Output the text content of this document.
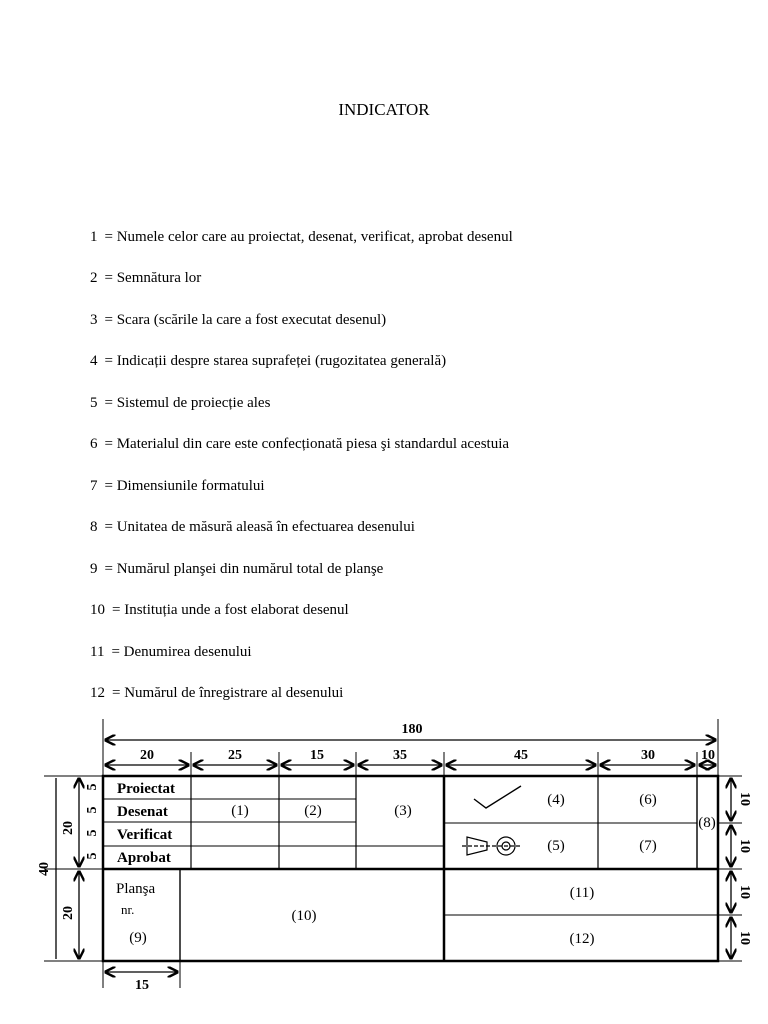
INDICATOR
1 = Numele celor care au proiectat, desenat, verificat, aprobat desenul
2 = Semnătura lor
3 = Scara (scările la care a fost executat desenul)
4 = Indicații despre starea suprafeței (rugozitatea generală)
5 = Sistemul de proiecție ales
6 = Materialul din care este confecționată piesa şi standardul acestuia
7 = Dimensiunile formatului
8 = Unitatea de măsură aleasă în efectuarea desenului
9 = Numărul planşei din numărul total de planşe
10 = Instituția unde a fost elaborat desenul
11 = Denumirea desenului
12 = Numărul de înregistrare al desenului
180
20	25	15	35	45	30	10
15
40
20
20
5
5
5
5
10
10
10
10
Proiectat
Desenat
Verificat
Aprobat
(1)	(2)	(3)
(4)	(6)
(5)	(7)
(8)
(10)
(11)
(12)
(9)
Planşa
nr.
